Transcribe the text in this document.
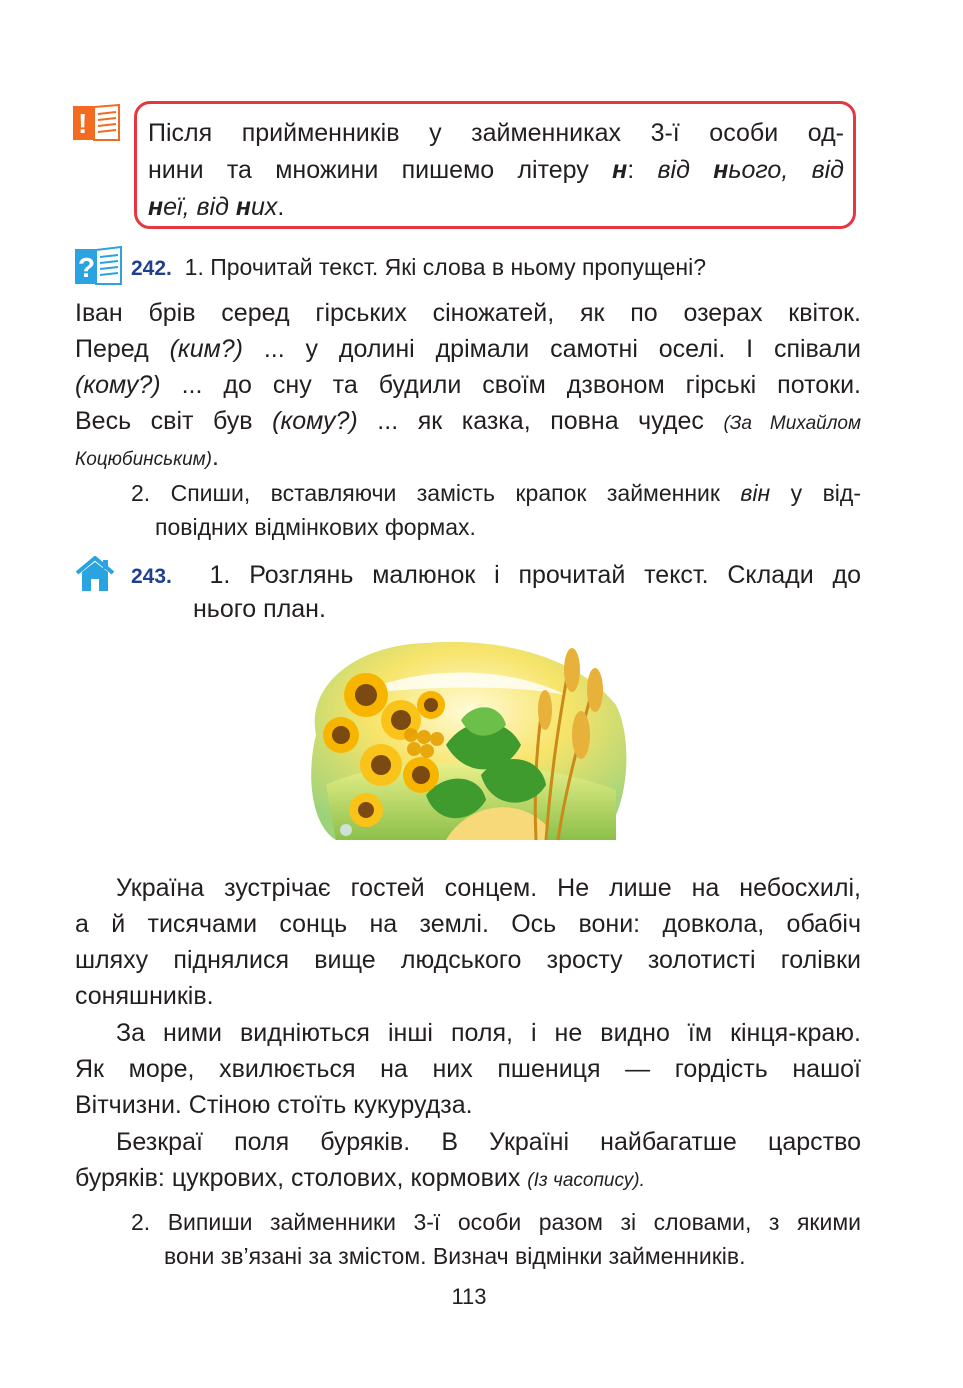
! Після прийменників у займенниках 3-ї особи од-
нини та множини пишемо літеру н: від нього, від
неї, від них.
? 242. 1. Прочитай текст. Які слова в ньому пропущені?
Іван брів серед гірських сіножатей, як по озерах квіток.
Перед (ким?) ... у долині дрімали самотні оселі. І співали
(кому?) ... до сну та будили своїм дзвоном гірські потоки.
Весь світ був (кому?) ... як казка, повна чудес (За Михайлом
Коцюбинським).
2. Спиши, вставляючи замість крапок займенник він у від-
повідних відмінкових формах.
243. 1. Розглянь малюнок і прочитай текст. Склади до
нього план.
Україна зустрічає гостей сонцем. Не лише на небосхилі,
а й тисячами сонць на землі. Ось вони: довкола, обабіч
шляху піднялися вище людського зросту золотисті голівки
соняшників.
За ними видніються інші поля, і не видно їм кінця-краю.
Як море, хвилюється на них пшениця — гордість нашої
Вітчизни. Стіною стоїть кукурудза.
Безкраї поля буряків. В Україні найбагатше царство
буряків: цукрових, столових, кормових (Із часопису).
2. Випиши займенники 3-ї особи разом зі словами, з якими
вони зв’язані за змістом. Визнач відмінки займенників.
113
